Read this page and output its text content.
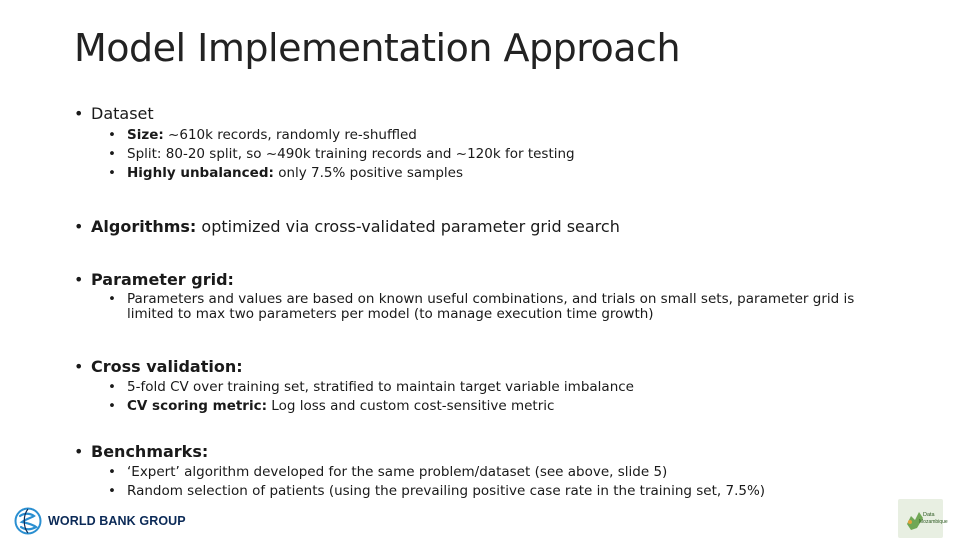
Model Implementation Approach
• Dataset
• Size: ~610k records, randomly re-shuffled
• Split: 80-20 split, so ~490k training records and ~120k for testing
• Highly unbalanced: only 7.5% positive samples
• Algorithms: optimized via cross-validated parameter grid search
• Parameter grid:
• Parameters and values are based on known useful combinations, and trials on small sets, parameter grid is limited to max two parameters per model (to manage execution time growth)
• Cross validation:
• 5-fold CV over training set, stratified to maintain target variable imbalance
• CV scoring metric: Log loss and custom cost-sensitive metric
• Benchmarks:
• ‘Expert’ algorithm developed for the same problem/dataset (see above, slide 5)
• Random selection of patients (using the prevailing positive case rate in the training set, 7.5%)
WORLD BANK GROUP	Data
Mozambique
